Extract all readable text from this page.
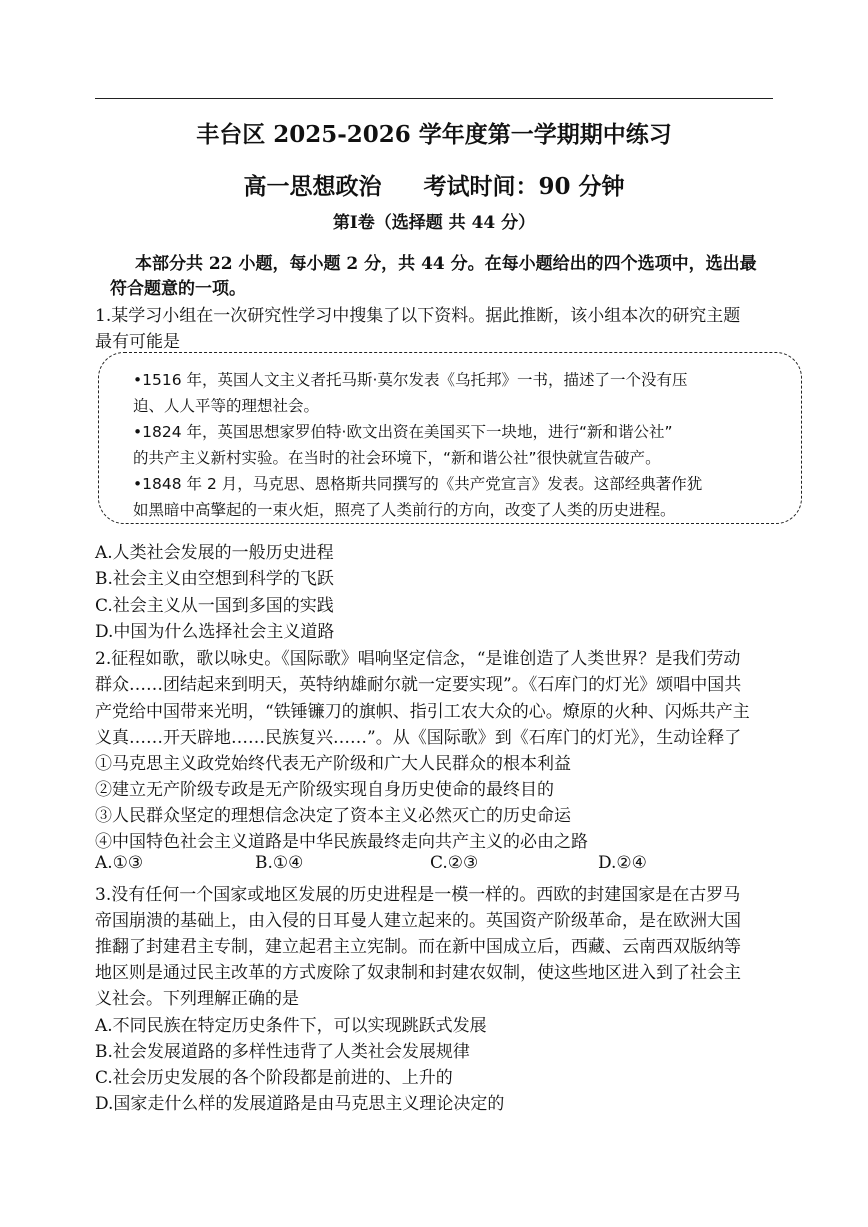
丰台区 2025-2026 学年度第一学期期中练习
高一思想政治 考试时间：90 分钟
第Ⅰ卷（选择题 共 44 分）
本部分共 22 小题，每小题 2 分，共 44 分。在每小题给出的四个选项中，选出最
符合题意的一项。
1.某学习小组在一次研究性学习中搜集了以下资料。据此推断，该小组本次的研究主题
最有可能是
•1516 年，英国人文主义者托马斯·莫尔发表《乌托邦》一书，描述了一个没有压
迫、人人平等的理想社会。
•1824 年，英国思想家罗伯特·欧文出资在美国买下一块地，进行“新和谐公社”
的共产主义新村实验。在当时的社会环境下，“新和谐公社”很快就宣告破产。
•1848 年 2 月，马克思、恩格斯共同撰写的《共产党宣言》发表。这部经典著作犹
如黑暗中高擎起的一束火炬，照亮了人类前行的方向，改变了人类的历史进程。
A.人类社会发展的一般历史进程
B.社会主义由空想到科学的飞跃
C.社会主义从一国到多国的实践
D.中国为什么选择社会主义道路
2.征程如歌，歌以咏史。《国际歌》唱响坚定信念，“是谁创造了人类世界？是我们劳动
群众……团结起来到明天，英特纳雄耐尔就一定要实现”。《石库门的灯光》颂唱中国共
产党给中国带来光明，“铁锤镰刀的旗帜、指引工农大众的心。燎原的火种、闪烁共产主
义真……开天辟地……民族复兴……”。从《国际歌》到《石库门的灯光》，生动诠释了
①马克思主义政党始终代表无产阶级和广大人民群众的根本利益
②建立无产阶级专政是无产阶级实现自身历史使命的最终目的
③人民群众坚定的理想信念决定了资本主义必然灭亡的历史命运
④中国特色社会主义道路是中华民族最终走向共产主义的必由之路
A.①③	B.①④	C.②③	D.②④
3.没有任何一个国家或地区发展的历史进程是一模一样的。西欧的封建国家是在古罗马
帝国崩溃的基础上，由入侵的日耳曼人建立起来的。英国资产阶级革命，是在欧洲大国
推翻了封建君主专制，建立起君主立宪制。而在新中国成立后，西藏、云南西双版纳等
地区则是通过民主改革的方式废除了奴隶制和封建农奴制，使这些地区进入到了社会主
义社会。下列理解正确的是
A.不同民族在特定历史条件下，可以实现跳跃式发展
B.社会发展道路的多样性违背了人类社会发展规律
C.社会历史发展的各个阶段都是前进的、上升的
D.国家走什么样的发展道路是由马克思主义理论决定的
